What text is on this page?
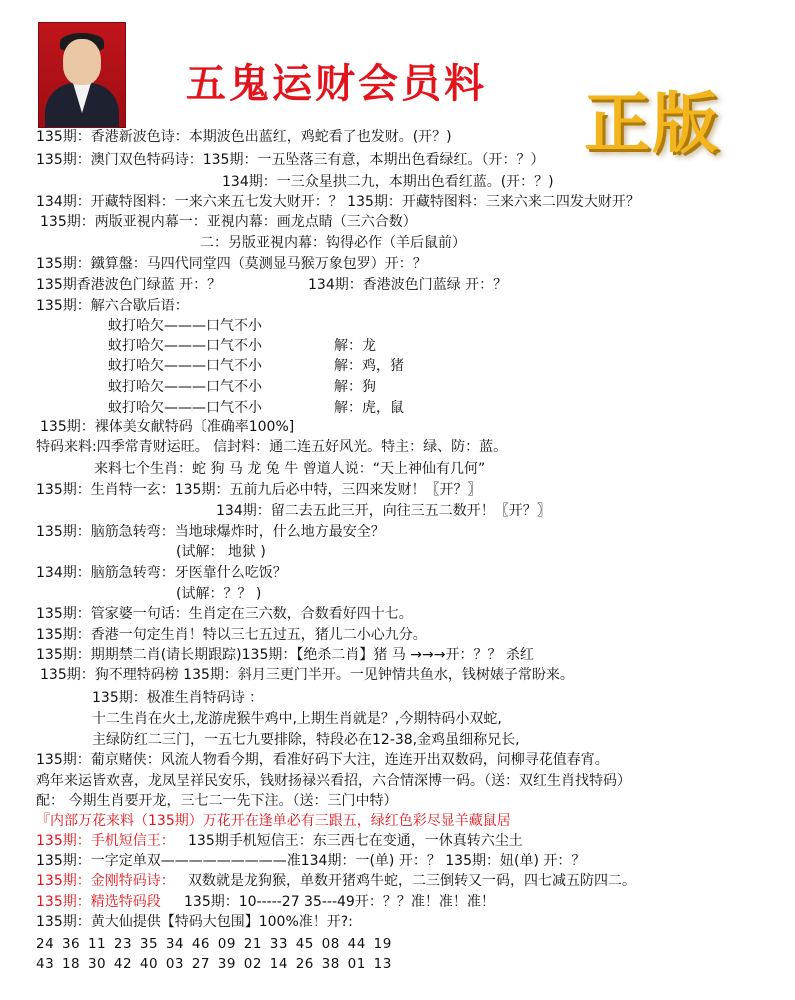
五鬼运财会员料
正版
135期：香港新波色诗：本期波色出蓝红，鸡蛇看了也发财。(开？)
135期：澳门双色特码诗：135期：一五坠落三有意，本期出色看绿红。（开：？）
134期：一三众星拱二九，本期出色看红蓝。(开：？)
134期：开藏特图料：一来六来五七发大财开：？ 135期：开藏特图料：三来六来二四发大财开？
135期：两版亚視内幕一：亚視内幕：画龙点睛（三六合数）
二：另版亚視内幕：钩得必作（羊后鼠前）
135期：鐵算盤：马四代同堂四（莫测显马猴万象包罗）开：？
135期香港波色门绿蓝 开：？	134期：香港波色门蓝绿 开：？
135期：解六合歇后语：
蚊打哈欠———口气不小
蚊打哈欠———口气不小	解：龙
蚊打哈欠———口气不小	解：鸡，猪
蚊打哈欠———口气不小	解：狗
蚊打哈欠———口气不小	解：虎，鼠
135期：裸体美女献特码〔准确率100%]
特码来料:四季常青财运旺。 信封料：通二连五好风光。特主：绿、防：蓝。
来料七个生肖：蛇 狗 马 龙 兔 牛 曾道人说：“天上神仙有几何”
135期：生肖特一玄：135期：五前九后必中特，三四来发财！〖开？〗
134期：留二去五此三开，向往三五二数开！〖开？〗
135期：脑筋急转弯：当地球爆炸时，什么地方最安全？
(试解： 地狱 )
134期：脑筋急转弯：牙医靠什么吃饭？
(试解：？？ )
135期：管家婆一句话：生肖定在三六数，合数看好四十七。
135期：香港一句定生肖！特以三七五过五，猪儿二小心九分。
135期：期期禁二肖(请长期跟踪)135期：【绝杀二肖】猪 马 →→→开：？？ 杀红
135期：狗不理特码榜 135期：斜月三更门半开。一见钟情共鱼水，钱树婊子常盼来。
135期：极准生肖特码诗 ：
十二生肖在火土,龙游虎猴牛鸡中,上期生肖就是？,今期特码小双蛇,
主绿防红二三门，一五七九要排除，特段必在12-38,金鸡虽细称兄长,
135期：葡京赌侠：风流人物看今期，看准好码下大注，连连开出双数码，问柳寻花值春宵。
鸡年来运皆欢喜，龙凤呈祥民安乐，钱财扬禄兴看招，六合情深博一码。（送：双红生肖找特码）
配： 今期生肖要开龙，三七二一先下注。（送：三门中特）
『内部万花来料（135期）万花开在逢单必有三跟五，绿红色彩尽显羊藏鼠居
135期：手机短信王： 135期手机短信王：东三西七在变通，一休真转六尘土
135期：一字定单双—————————准134期：一(单) 开：？ 135期：妞(单) 开：？
135期：金刚特码诗： 双数就是龙狗猴，单数开猪鸡牛蛇，二三倒转又一码，四七减五防四二。
135期：精选特码段 135期：10-----27 35---49开：？？准！准！准！
135期：黄大仙提供【特码大包围】100%准！开?:
24 36 11 23 35 34 46 09 21 33 45 08 44 19
43 18 30 42 40 03 27 39 02 14 26 38 01 13
